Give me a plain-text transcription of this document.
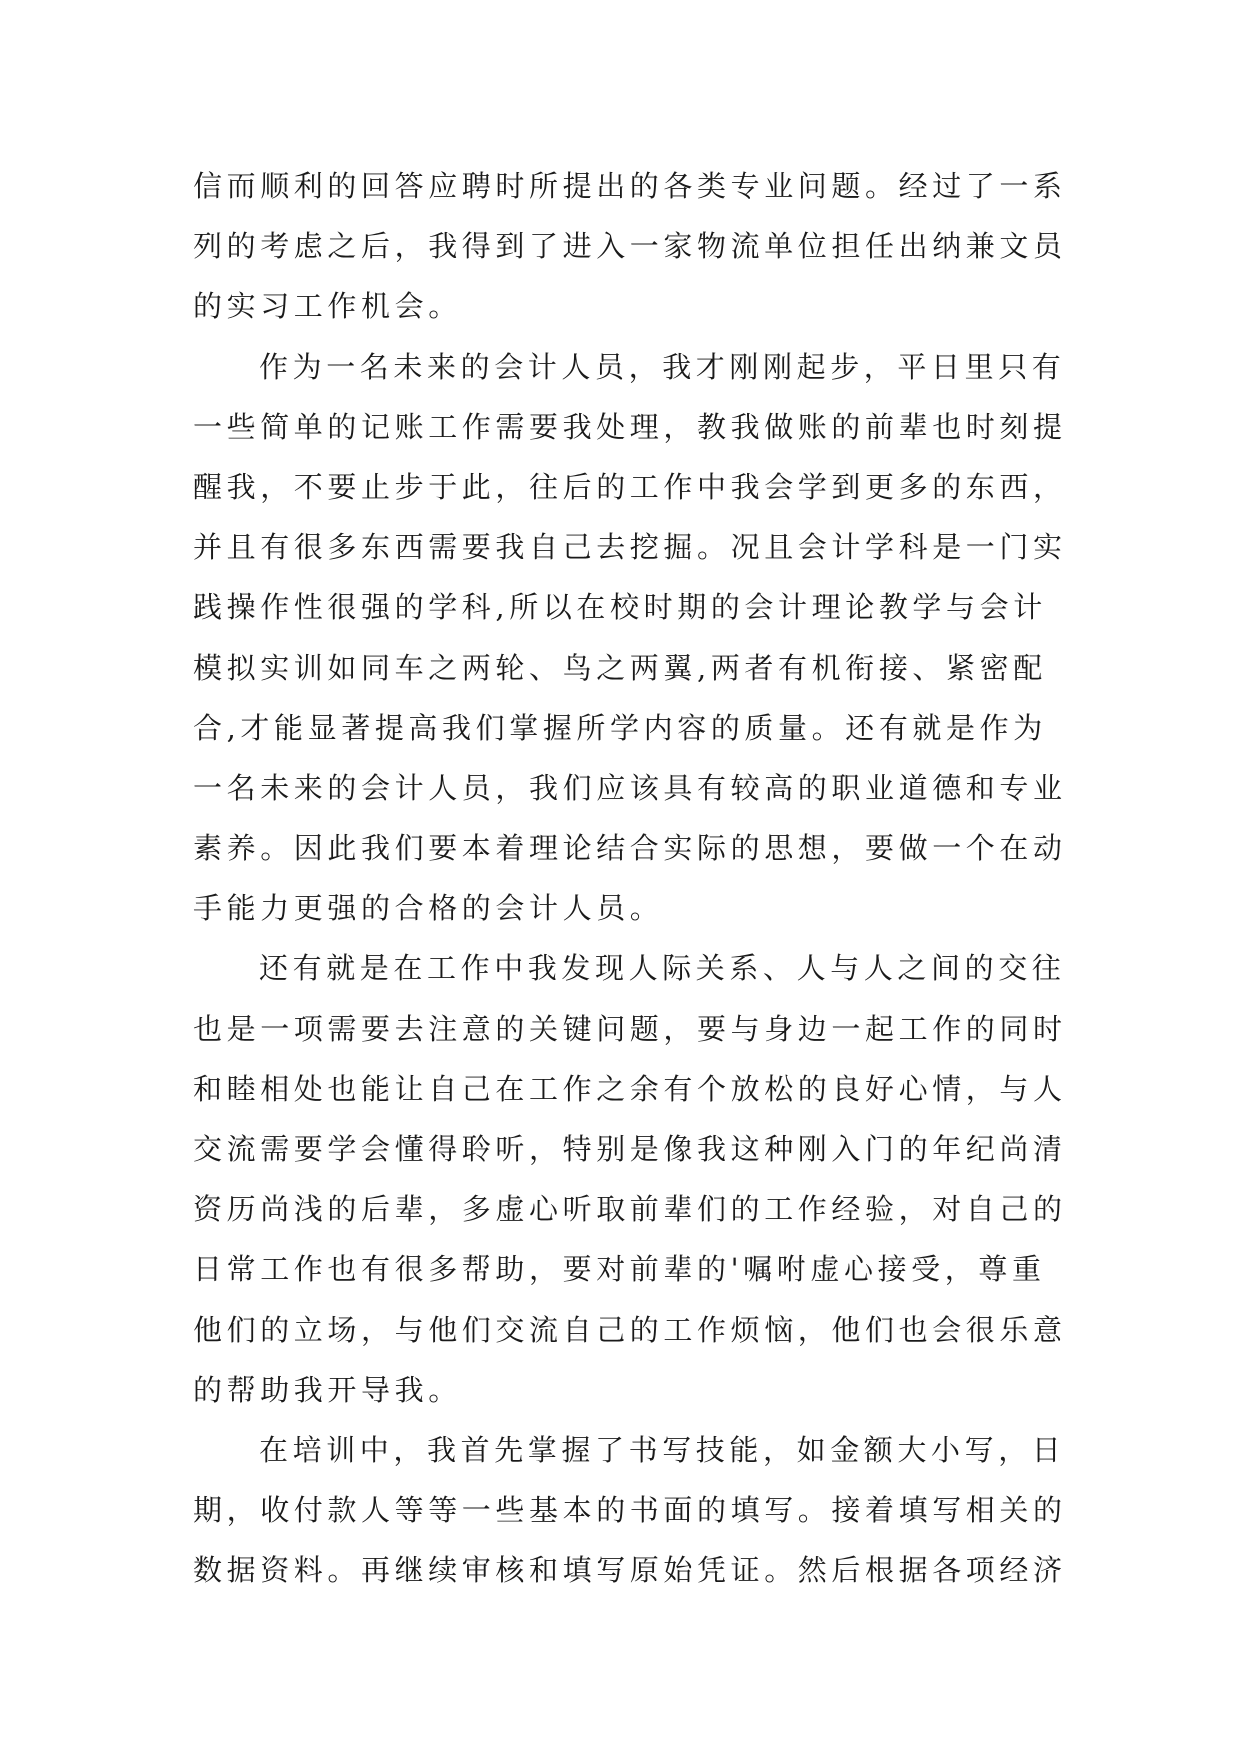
信而顺利的回答应聘时所提出的各类专业问题。经过了一系
列的考虑之后，我得到了进入一家物流单位担任出纳兼文员
的实习工作机会。
作为一名未来的会计人员，我才刚刚起步，平日里只有
一些简单的记账工作需要我处理，教我做账的前辈也时刻提
醒我，不要止步于此，往后的工作中我会学到更多的东西，
并且有很多东西需要我自己去挖掘。况且会计学科是一门实
践操作性很强的学科,所以在校时期的会计理论教学与会计
模拟实训如同车之两轮、鸟之两翼,两者有机衔接、紧密配
合,才能显著提高我们掌握所学内容的质量。还有就是作为
一名未来的会计人员，我们应该具有较高的职业道德和专业
素养。因此我们要本着理论结合实际的思想，要做一个在动
手能力更强的合格的会计人员。
还有就是在工作中我发现人际关系、人与人之间的交往
也是一项需要去注意的关键问题，要与身边一起工作的同时
和睦相处也能让自己在工作之余有个放松的良好心情，与人
交流需要学会懂得聆听，特别是像我这种刚入门的年纪尚清
资历尚浅的后辈，多虚心听取前辈们的工作经验，对自己的
日常工作也有很多帮助，要对前辈的'嘱咐虚心接受，尊重
他们的立场，与他们交流自己的工作烦恼，他们也会很乐意
的帮助我开导我。
在培训中，我首先掌握了书写技能，如金额大小写，日
期，收付款人等等一些基本的书面的填写。接着填写相关的
数据资料。再继续审核和填写原始凭证。然后根据各项经济
